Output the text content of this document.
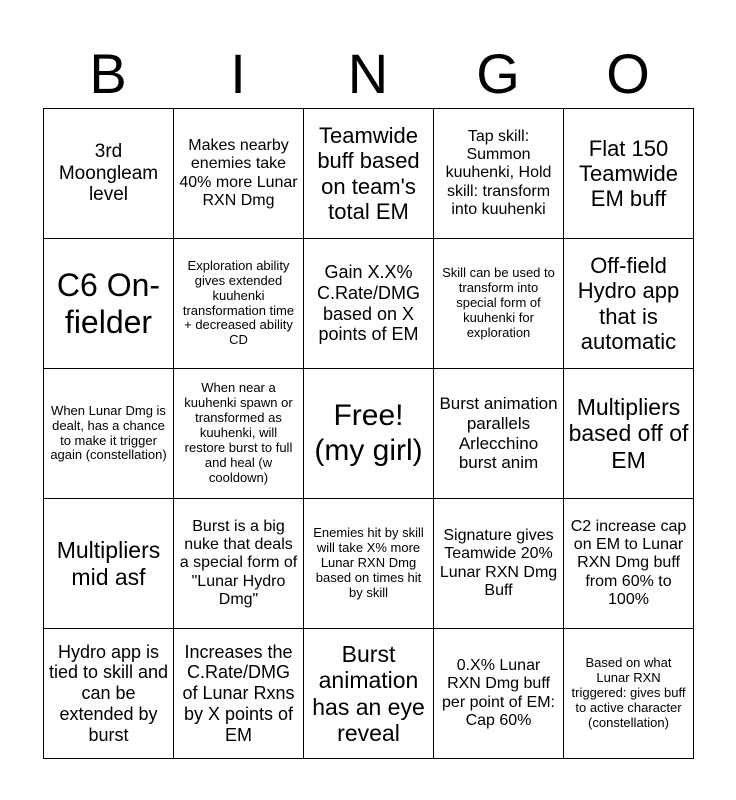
B	I	N	G	O
3rd Moongleam level	Makes nearby enemies take 40% more Lunar RXN Dmg	Teamwide buff based on team's total EM	Tap skill: Summon kuuhenki, Hold skill: transform into kuuhenki	Flat 150 Teamwide EM buff
C6 On-fielder	Exploration ability gives extended kuuhenki transformation time + decreased ability CD	Gain X.X% C.Rate/DMG based on X points of EM	Skill can be used to transform into special form of kuuhenki for exploration	Off-field Hydro app that is automatic
When Lunar Dmg is dealt, has a chance to make it trigger again (constellation)	When near a kuuhenki spawn or transformed as kuuhenki, will restore burst to full and heal (w cooldown)	Free! (my girl)	Burst animation parallels Arlecchino burst anim	Multipliers based off of EM
Multipliers mid asf	Burst is a big nuke that deals a special form of "Lunar Hydro Dmg"	Enemies hit by skill will take X% more Lunar RXN Dmg based on times hit by skill	Signature gives Teamwide 20% Lunar RXN Dmg Buff	C2 increase cap on EM to Lunar RXN Dmg buff from 60% to 100%
Hydro app is tied to skill and can be extended by burst	Increases the C.Rate/DMG of Lunar Rxns by X points of EM	Burst animation has an eye reveal	0.X% Lunar RXN Dmg buff per point of EM: Cap 60%	Based on what Lunar RXN triggered: gives buff to active character (constellation)
